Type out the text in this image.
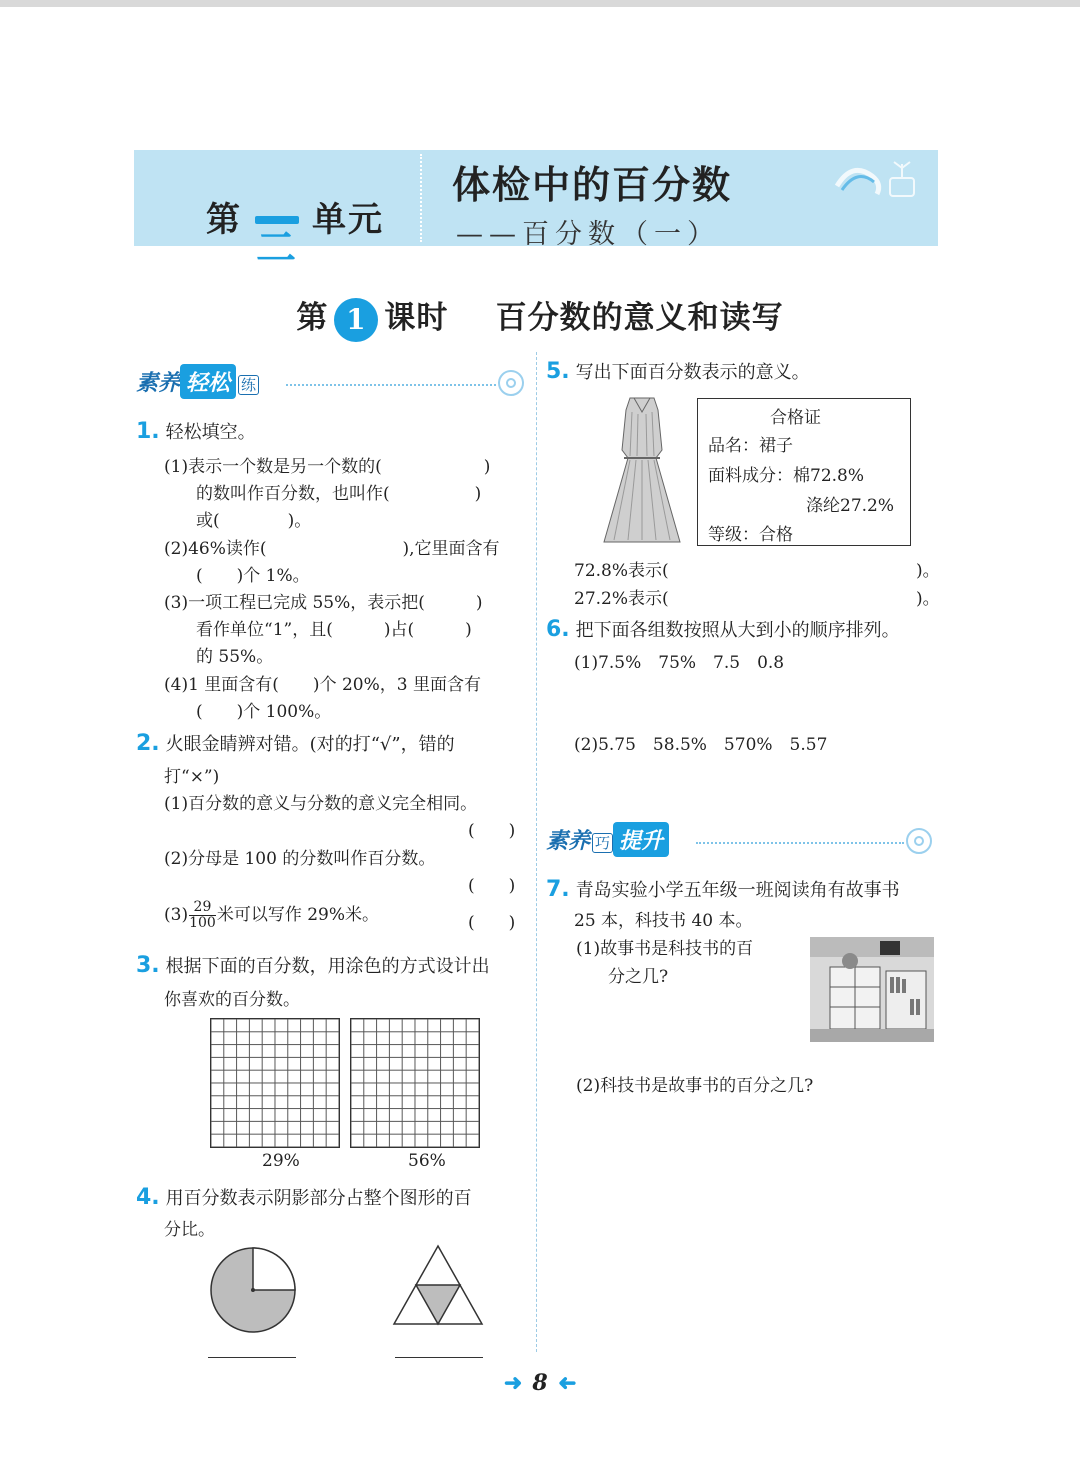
第二单元
体检中的百分数
——百分数（一）
第 1 课时 百分数的意义和读写
素养 轻松 练
1. 轻松填空。
(1)表示一个数是另一个数的(　　　　　　)
的数叫作百分数，也叫作(　　　　　)
或(　　　　)。
(2)46%读作(　　　　　　　　),它里面含有
(　　)个 1%。
(3)一项工程已完成 55%，表示把(　　　)
看作单位“1”，且(　　　)占(　　　)
的 55%。
(4)1 里面含有(　　)个 20%，3 里面含有
(　　)个 100%。
2. 火眼金睛辨对错。(对的打“√”，错的
打“×”)
(1)百分数的意义与分数的意义完全相同。
(　　)
(2)分母是 100 的分数叫作百分数。
(　　)
$(3) \frac{29}{100}$ 米可以写作 29%米。	(　　)
3. 根据下面的百分数，用涂色的方式设计出
你喜欢的百分数。
29%	56%
4. 用百分数表示阴影部分占整个图形的百
分比。
5. 写出下面百分数表示的意义。
合格证
品名：裙子
面料成分：棉72.8%
涤纶27.2%
等级：合格
72.8%表示(	)。
27.2%表示(	)。
6. 把下面各组数按照从大到小的顺序排列。
(1)7.5%　75%　7.5　0.8
(2)5.75　58.5%　570%　5.57
素养 巧 提升
7. 青岛实验小学五年级一班阅读角有故事书
25 本，科技书 40 本。
(1)故事书是科技书的百
分之几?
(2)科技书是故事书的百分之几?
➜ 8 ➜
